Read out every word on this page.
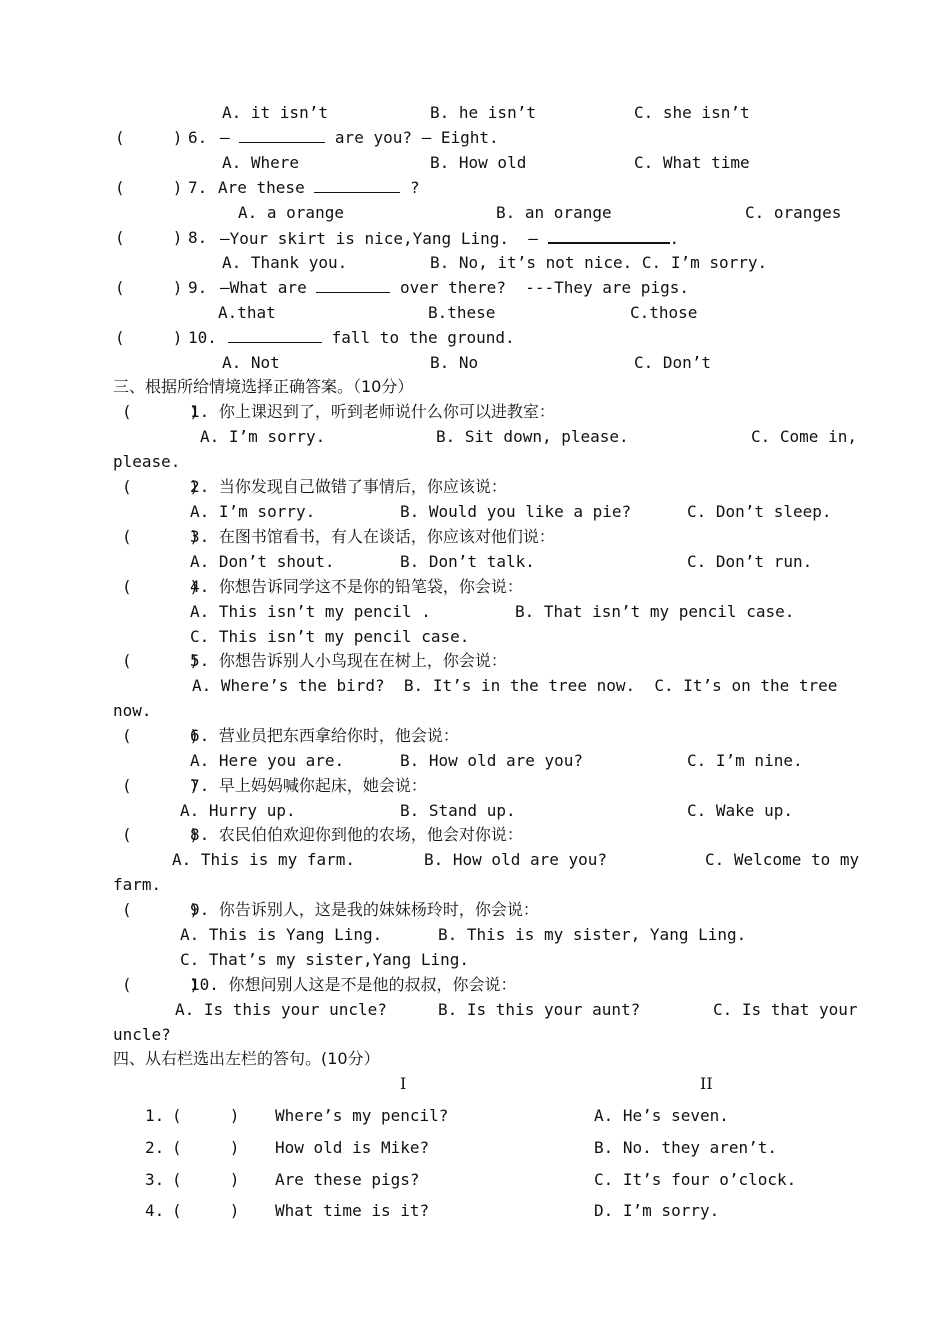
A. it isn’t	B. he isn’t	C. she isn’t
(     ) 6. —	are you? — Eight.
A. Where	B. How old	C. What time
(     ) 7. Are these	?
A. a orange	B. an orange	C. oranges
(     ) 8. —Your skirt is nice,Yang Ling.  —	.
A. Thank you.	B. No, it’s not nice. C. I’m sorry.
(     ) 9. —What are	over there?  ---They are pigs.
A.that	B.these	C.those
(     ) 10.	fall to the ground.
A. Not	B. No	C. Don’t
三、根据所给情境选择正确答案。（10分）
(      )
1. 你上课迟到了，听到老师说什么你可以进教室：
A. I’m sorry.	B. Sit down, please.	C. Come in,
please.
(      )
2. 当你发现自己做错了事情后，你应该说：
A. I’m sorry.	B. Would you like a pie?	C. Don’t sleep.
(      )
3. 在图书馆看书，有人在谈话，你应该对他们说：
A. Don’t shout.	B. Don’t talk.	C. Don’t run.
(      )
4. 你想告诉同学这不是你的铅笔袋，你会说：
A. This isn’t my pencil .	B. That isn’t my pencil case.
C. This isn’t my pencil case.
(      )
5. 你想告诉别人小鸟现在在树上，你会说：
A. Where’s the bird?  B. It’s in the tree now.  C. It’s on the tree
now.
(      )
6. 营业员把东西拿给你时，他会说：
A. Here you are.	B. How old are you?	C. I’m nine.
(      )
7. 早上妈妈喊你起床，她会说：
A. Hurry up.	B. Stand up.	C. Wake up.
(      )
8. 农民伯伯欢迎你到他的农场，他会对你说：
A. This is my farm.	B. How old are you?	C. Welcome to my
farm.
(      )
9. 你告诉别人，这是我的妹妹杨玲时，你会说：
A. This is Yang Ling.	B. This is my sister, Yang Ling.
C. That’s my sister,Yang Ling.
(      )
10. 你想问别人这是不是他的叔叔，你会说：
A. Is this your uncle?	B. Is this your aunt?	C. Is that your
uncle?
四、从右栏选出左栏的答句。(10分）
I	II
1. (     ) Where’s my pencil?	A. He’s seven.
2. (     ) How old is Mike?	B. No. they aren’t.
3. (     ) Are these pigs?	C. It’s four o’clock.
4. (     ) What time is it?	D. I’m sorry.
